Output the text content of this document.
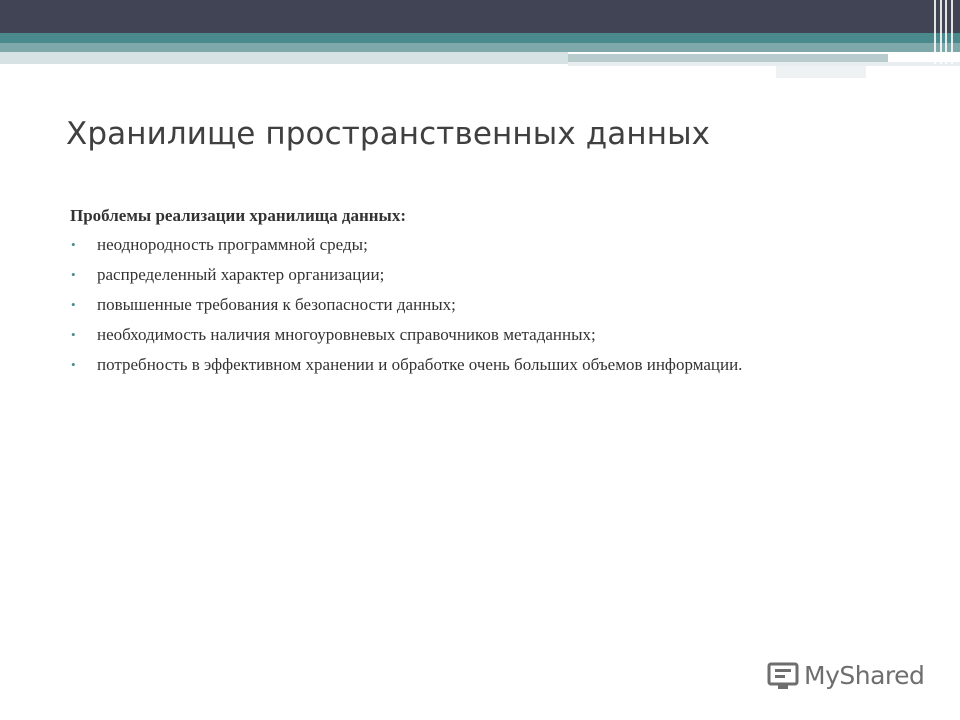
Хранилище пространственных данных
Проблемы реализации хранилища данных:
• неоднородность программной среды;
• распределенный характер организации;
• повышенные требования к безопасности данных;
• необходимость наличия многоуровневых справочников метаданных;
• потребность в эффективном хранении и обработке очень больших объемов информации.
MyShared
